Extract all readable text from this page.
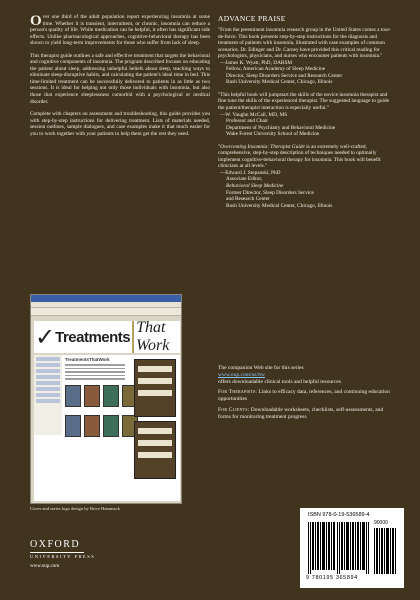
Over one third of the adult population report experiencing insomnia at some time. Whether it is transient, intermittent, or chronic, insomnia can reduce a person's quality of life. While medication can be helpful, it often has significant side effects. Unlike pharmacological approaches, cognitive-behavioral therapy has been shown to yield long-term improvements for those who suffer from lack of sleep.

This therapist guide outlines a safe and effective treatment that targets the behavioral and cognitive components of insomnia. The program described focuses on educating the patient about sleep, addressing unhelpful beliefs about sleep, teaching ways to eliminate sleep-disruptive habits, and calculating the patient's ideal time in bed. This time-limited treatment can be successfully delivered to patients in as little as two sessions. It is ideal for helping not only those individuals with insomnia, but also those that experience sleeplessness comorbid with a psychological or medical disorder.

Complete with chapters on assessment and troubleshooting, this guide provides you with step-by-step instructions for delivering treatment. Lists of materials needed, session outlines, sample dialogues, and case examples make it that much easier for you to work together with your patients to help them get the rest they need.

ADVANCE PRAISE
"From the preeminent insomnia research group in the United States comes a tour-de-force. This book presents step-by-step instructions for the diagnosis and treatment of patients with insomnia, illustrated with case examples of common scenarios. Dr. Edinger and Dr. Carney have provided this critical reading for psychologists, physicians, and nurses who encounter patients with insomnia."
—James K. Wyatt, PhD, DABSM
Fellow, American Academy of Sleep Medicine
Director, Sleep Disorders Service and Research Center
Rush University Medical Center, Chicago, Illinois
"This helpful book will jumpstart the skills of the novice insomnia therapist and fine tune the skills of the experienced therapist. The suggested language to guide the patient/therapist interaction is especially useful."
—W. Vaughn McCall, MD, MS
Professor and Chair
Department of Psychiatry and Behavioral Medicine
Wake Forest University School of Medicine
"Overcoming Insomnia: Therapist Guide is an extremely well-crafted, comprehensive, step-by-step description of techniques needed to optimally implement cognitive-behavioral therapy for insomnia. This book will benefit clinicians at all levels."
—Edward J. Stepanski, PhD
Associate Editor,
Behavioral Sleep Medicine
Former Director, Sleep Disorders Service
and Research Center
Rush University Medical Center, Chicago, Illinois
✓ Treatments
That Work
TreatmentsThatWork
Cover and series logo design by Brice Hammack

The companion Web site for this series
www.oup.com/us/ttw
offers downloadable clinical tools and helpful resources

For Therapists: Links to efficacy data, references, and continuing education opportunities

For Clients: Downloadable worksheets, checklists, self-assessments, and forms for monitoring treatment progress

OXFORD
UNIVERSITY PRESS
www.oup.com
ISBN 978-0-19-536589-4
90000
9 780195 365894
